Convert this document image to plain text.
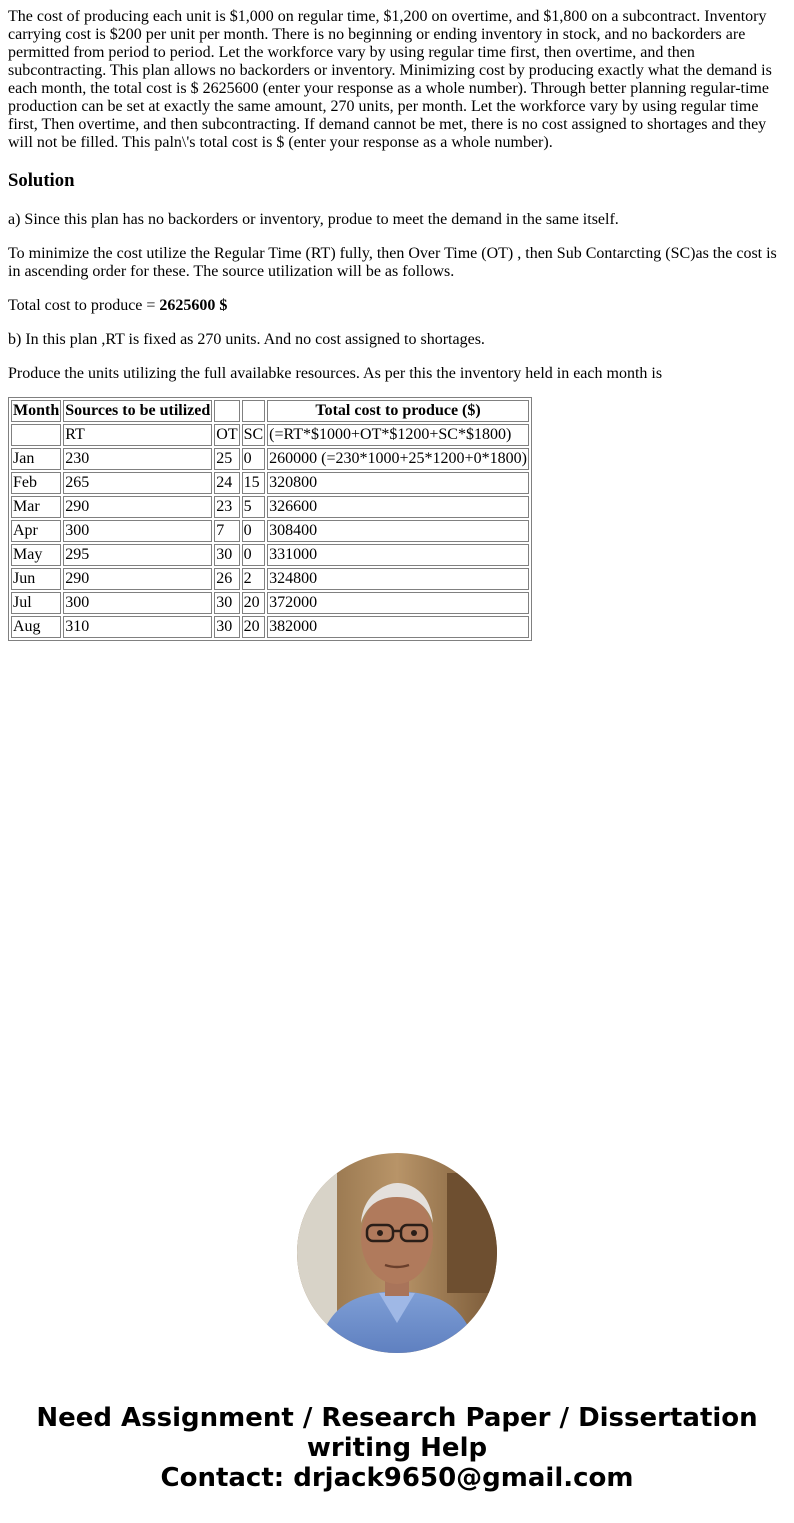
The cost of producing each unit is $1,000 on regular time, $1,200 on overtime, and $1,800 on a subcontract. Inventory carrying cost is $200 per unit per month. There is no beginning or ending inventory in stock, and no backorders are permitted from period to period. Let the workforce vary by using regular time first, then overtime, and then subcontracting. This plan allows no backorders or inventory. Minimizing cost by producing exactly what the demand is each month, the total cost is $ 2625600 (enter your response as a whole number). Through better planning regular-time production can be set at exactly the same amount, 270 units, per month. Let the workforce vary by using regular time first, Then overtime, and then subcontracting. If demand cannot be met, there is no cost assigned to shortages and they will not be filled. This paln\'s total cost is $ (enter your response as a whole number).

Solution

a) Since this plan has no backorders or inventory, produe to meet the demand in the same itself.

To minimize the cost utilize the Regular Time (RT) fully, then Over Time (OT) , then Sub Contarcting (SC)as the cost is in ascending order for these. The source utilization will be as follows.

Total cost to produce = 2625600 $

b) In this plan ,RT is fixed as 270 units. And no cost assigned to shortages.

Produce the units utilizing the full availabke resources. As per this the inventory held in each month is

Month	Sources to be utilized			Total cost to produce ($)
	RT	OT	SC	(=RT*$1000+OT*$1200+SC*$1800)
Jan	230	25	0	260000 (=230*1000+25*1200+0*1800)
Feb	265	24	15	320800
Mar	290	23	5	326600
Apr	300	7	0	308400
May	295	30	0	331000
Jun	290	26	2	324800
Jul	300	30	20	372000
Aug	310	30	20	382000
Need Assignment / Research Paper / Dissertation
writing Help
Contact: drjack9650@gmail.com
